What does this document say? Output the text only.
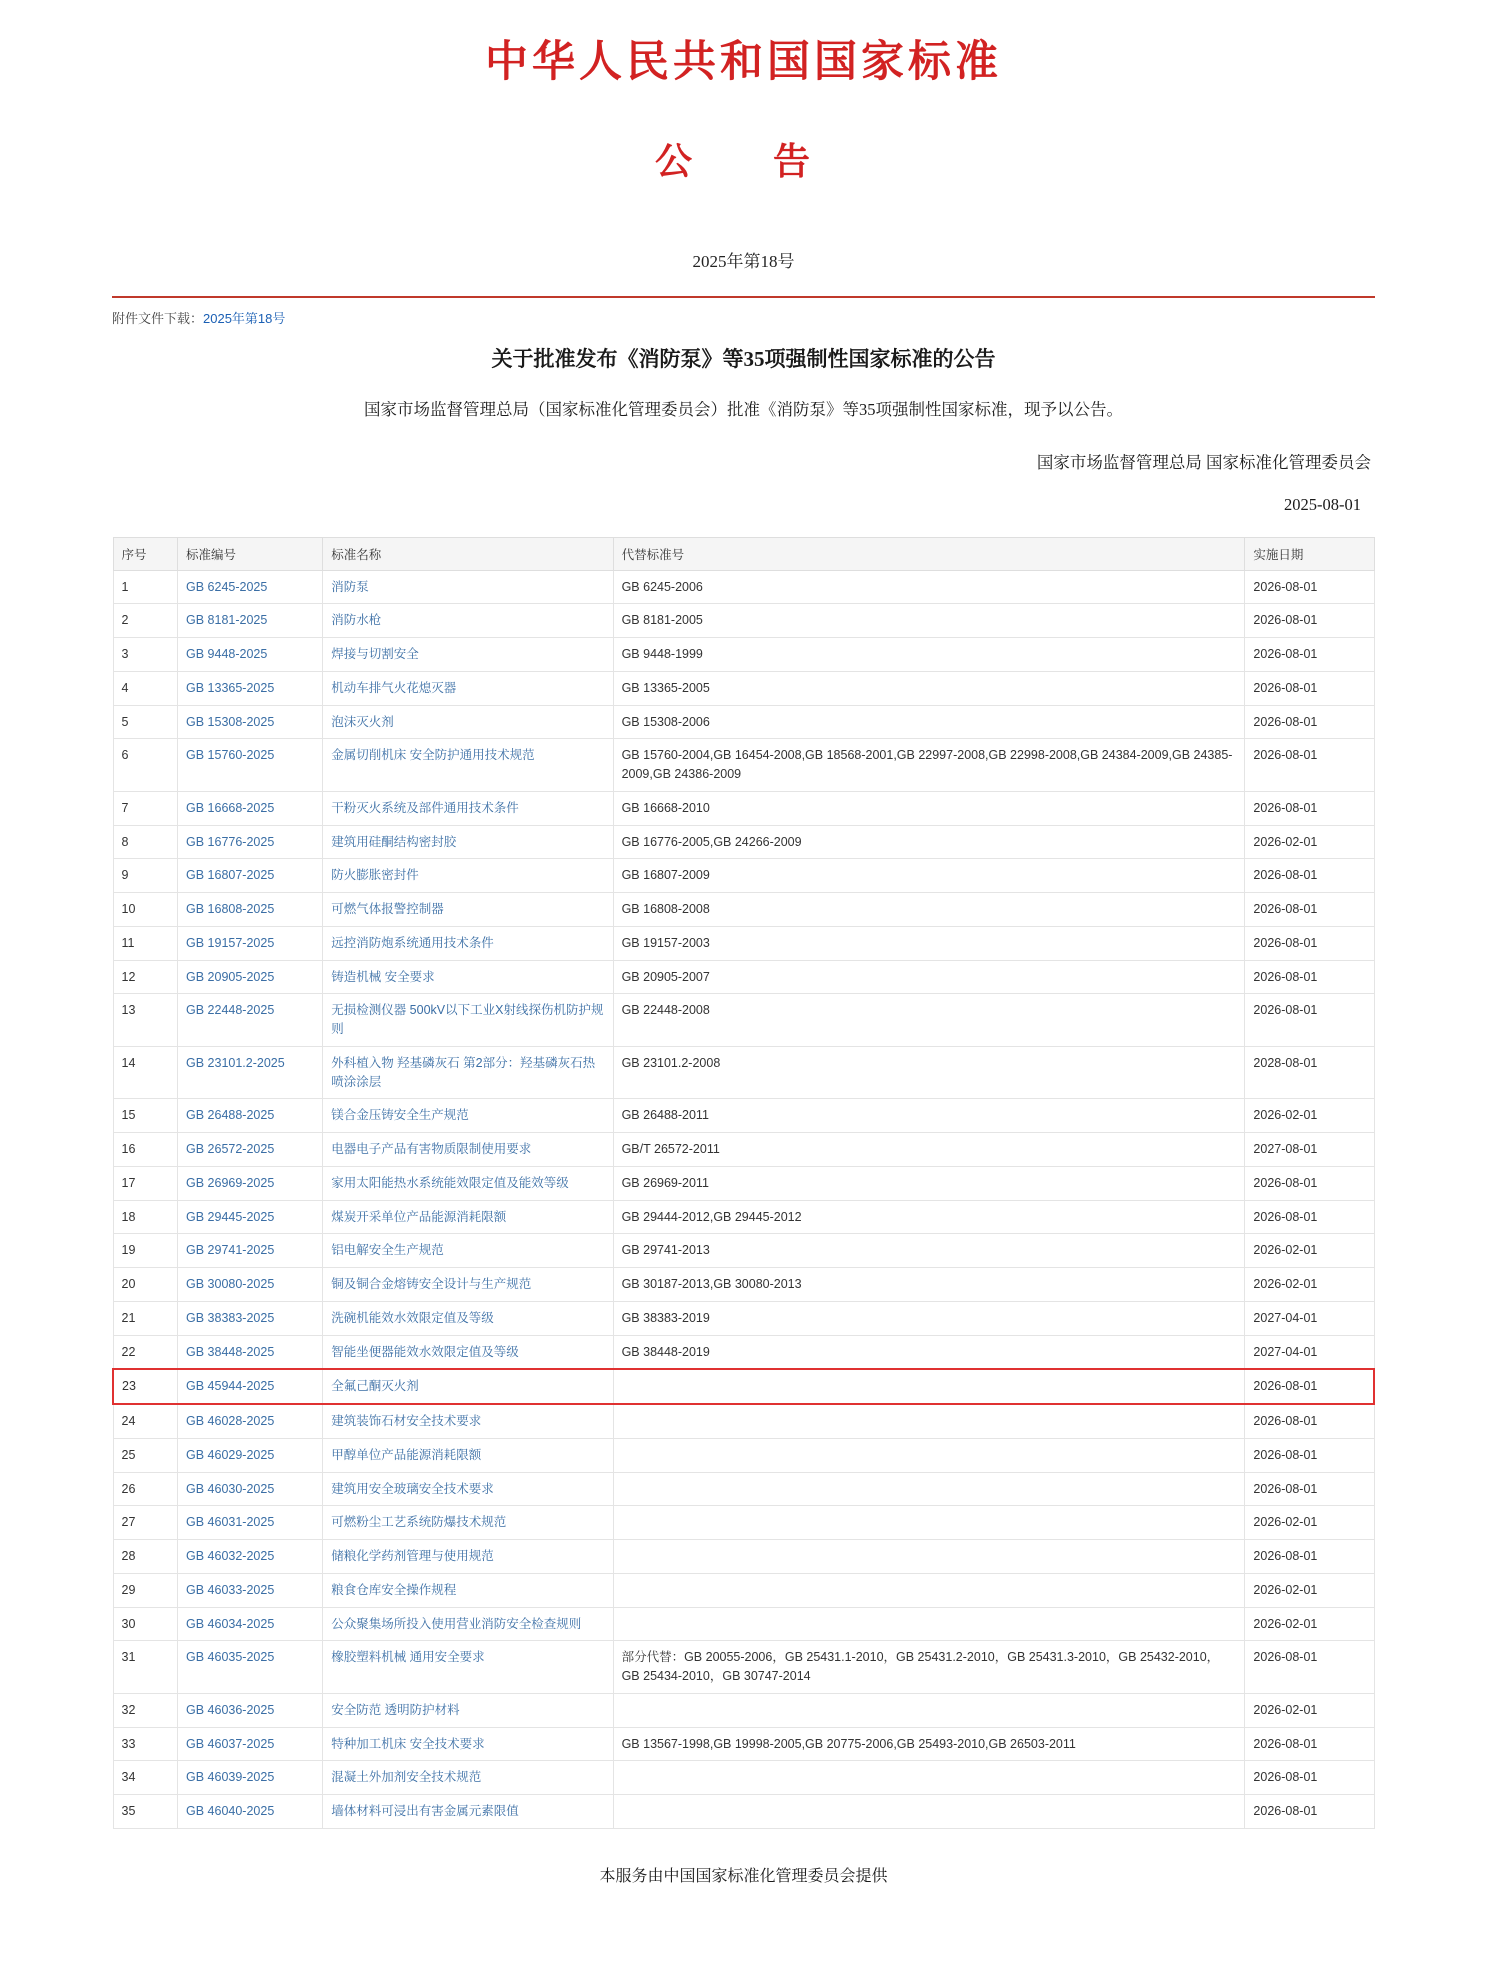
中华人民共和国国家标准
公　告
2025年第18号
附件文件下载：2025年第18号
关于批准发布《消防泵》等35项强制性国家标准的公告
国家市场监督管理总局（国家标准化管理委员会）批准《消防泵》等35项强制性国家标准，现予以公告。
国家市场监督管理总局 国家标准化管理委员会
2025-08-01
序号	标准编号	标准名称	代替标准号	实施日期
1	GB 6245-2025	消防泵	GB 6245-2006	2026-08-01
2	GB 8181-2025	消防水枪	GB 8181-2005	2026-08-01
3	GB 9448-2025	焊接与切割安全	GB 9448-1999	2026-08-01
4	GB 13365-2025	机动车排气火花熄灭器	GB 13365-2005	2026-08-01
5	GB 15308-2025	泡沫灭火剂	GB 15308-2006	2026-08-01
6	GB 15760-2025	金属切削机床 安全防护通用技术规范	GB 15760-2004,GB 16454-2008,GB 18568-2001,GB 22997-2008,GB 22998-2008,GB 24384-2009,GB 24385-2009,GB 24386-2009	2026-08-01
7	GB 16668-2025	干粉灭火系统及部件通用技术条件	GB 16668-2010	2026-08-01
8	GB 16776-2025	建筑用硅酮结构密封胶	GB 16776-2005,GB 24266-2009	2026-02-01
9	GB 16807-2025	防火膨胀密封件	GB 16807-2009	2026-08-01
10	GB 16808-2025	可燃气体报警控制器	GB 16808-2008	2026-08-01
11	GB 19157-2025	远控消防炮系统通用技术条件	GB 19157-2003	2026-08-01
12	GB 20905-2025	铸造机械 安全要求	GB 20905-2007	2026-08-01
13	GB 22448-2025	无损检测仪器 500kV以下工业X射线探伤机防护规则	GB 22448-2008	2026-08-01
14	GB 23101.2-2025	外科植入物 羟基磷灰石 第2部分：羟基磷灰石热喷涂涂层	GB 23101.2-2008	2028-08-01
15	GB 26488-2025	镁合金压铸安全生产规范	GB 26488-2011	2026-02-01
16	GB 26572-2025	电器电子产品有害物质限制使用要求	GB/T 26572-2011	2027-08-01
17	GB 26969-2025	家用太阳能热水系统能效限定值及能效等级	GB 26969-2011	2026-08-01
18	GB 29445-2025	煤炭开采单位产品能源消耗限额	GB 29444-2012,GB 29445-2012	2026-08-01
19	GB 29741-2025	铝电解安全生产规范	GB 29741-2013	2026-02-01
20	GB 30080-2025	铜及铜合金熔铸安全设计与生产规范	GB 30187-2013,GB 30080-2013	2026-02-01
21	GB 38383-2025	洗碗机能效水效限定值及等级	GB 38383-2019	2027-04-01
22	GB 38448-2025	智能坐便器能效水效限定值及等级	GB 38448-2019	2027-04-01
23	GB 45944-2025	全氟己酮灭火剂		2026-08-01
24	GB 46028-2025	建筑装饰石材安全技术要求		2026-08-01
25	GB 46029-2025	甲醇单位产品能源消耗限额		2026-08-01
26	GB 46030-2025	建筑用安全玻璃安全技术要求		2026-08-01
27	GB 46031-2025	可燃粉尘工艺系统防爆技术规范		2026-02-01
28	GB 46032-2025	储粮化学药剂管理与使用规范		2026-08-01
29	GB 46033-2025	粮食仓库安全操作规程		2026-02-01
30	GB 46034-2025	公众聚集场所投入使用营业消防安全检查规则		2026-02-01
31	GB 46035-2025	橡胶塑料机械 通用安全要求	部分代替：GB 20055-2006，GB 25431.1-2010，GB 25431.2-2010，GB 25431.3-2010，GB 25432-2010，GB 25434-2010，GB 30747-2014	2026-08-01
32	GB 46036-2025	安全防范 透明防护材料		2026-02-01
33	GB 46037-2025	特种加工机床 安全技术要求	GB 13567-1998,GB 19998-2005,GB 20775-2006,GB 25493-2010,GB 26503-2011	2026-08-01
34	GB 46039-2025	混凝土外加剂安全技术规范		2026-08-01
35	GB 46040-2025	墙体材料可浸出有害金属元素限值		2026-08-01
本服务由中国国家标准化管理委员会提供
